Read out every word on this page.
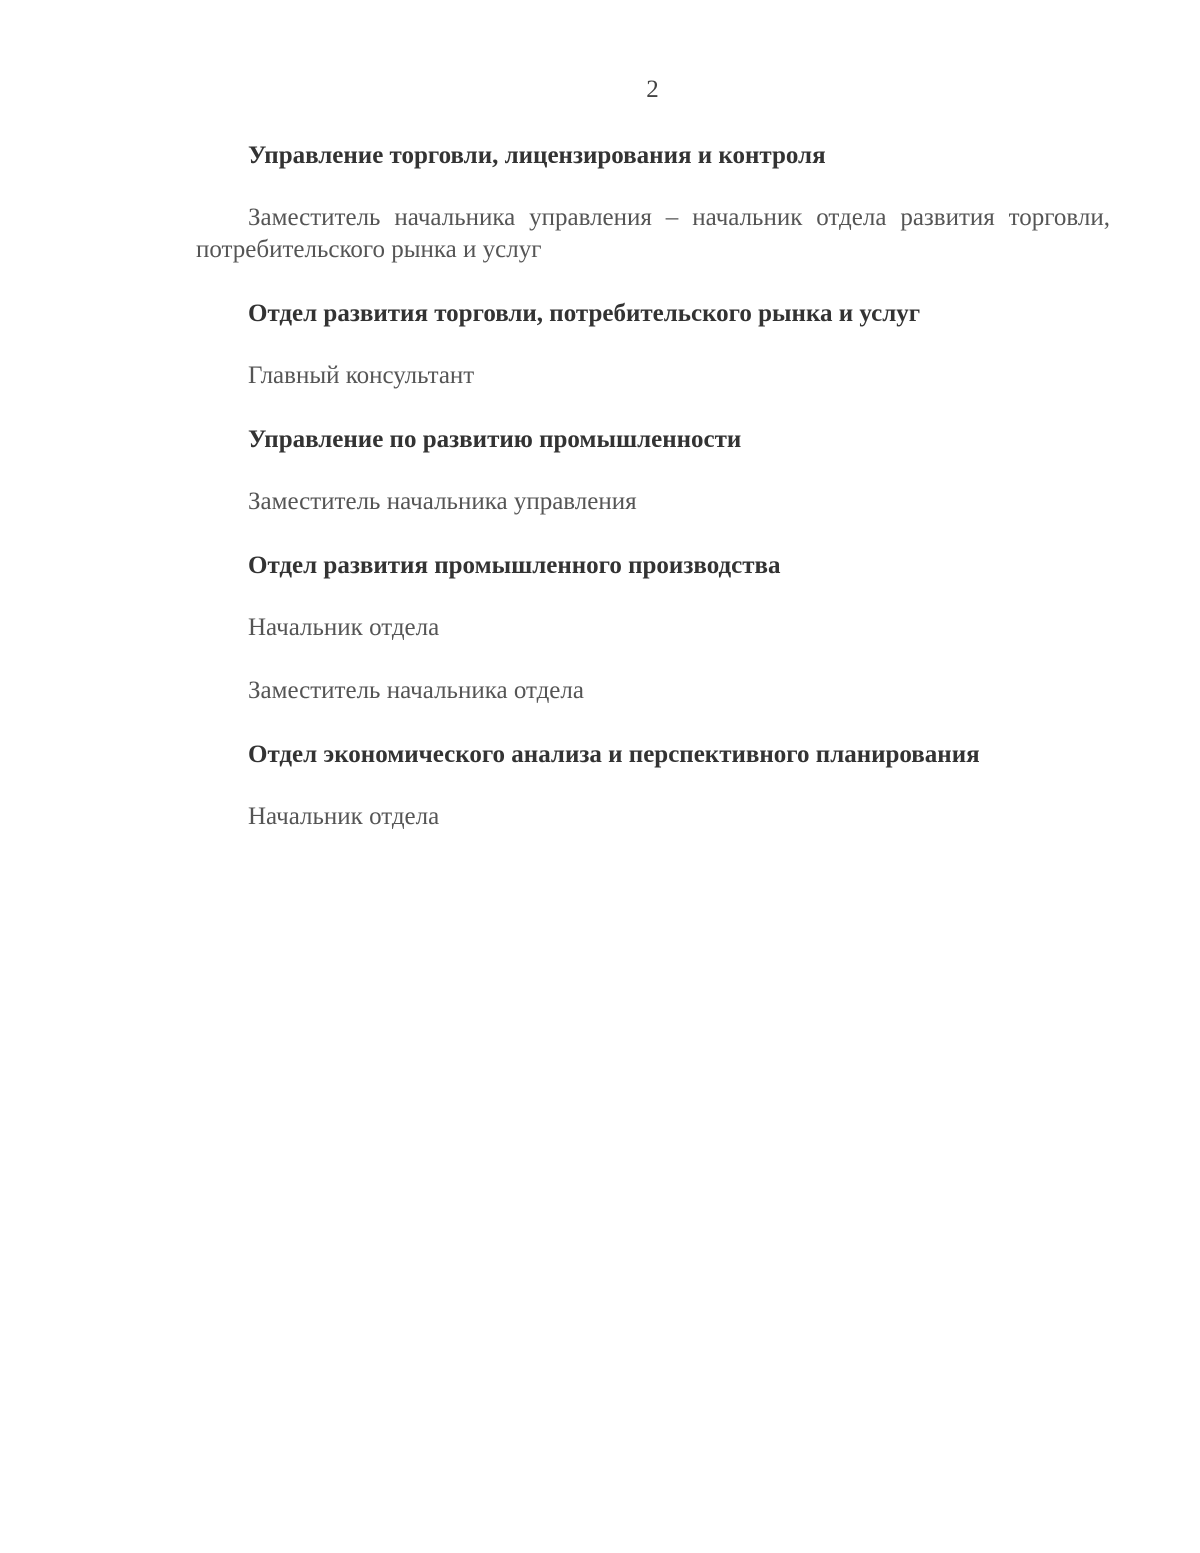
2
Управление торговли, лицензирования и контроля
Заместитель начальника управления – начальник отдела развития торговли, потребительского рынка и услуг
Отдел развития торговли, потребительского рынка и услуг
Главный консультант
Управление по развитию промышленности
Заместитель начальника управления
Отдел развития промышленного производства
Начальник отдела
Заместитель начальника отдела
Отдел экономического анализа и перспективного планирования
Начальник отдела
